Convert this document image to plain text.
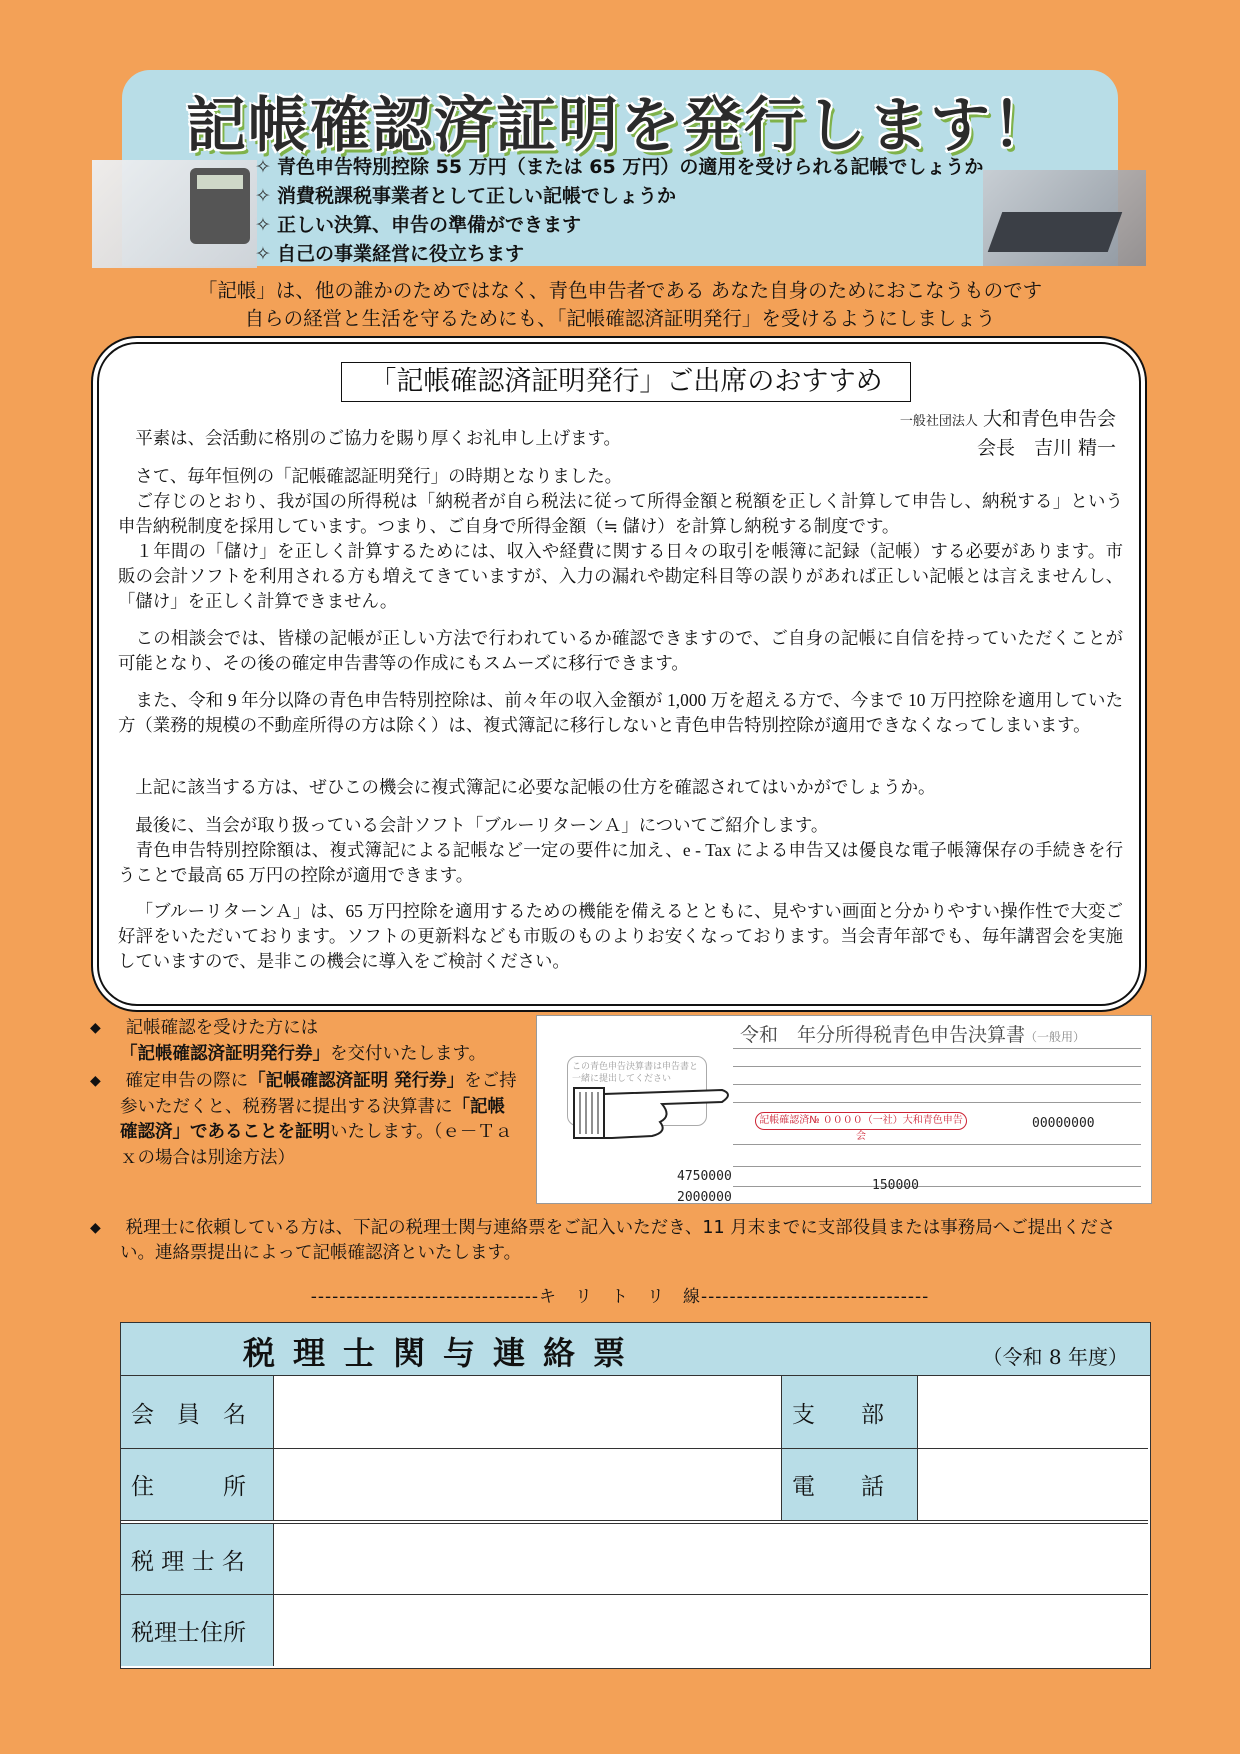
記帳確認済証明を発行します！
✧ 青色申告特別控除 55 万円（または 65 万円）の適用を受けられる記帳でしょうか
✧ 消費税課税事業者として正しい記帳でしょうか
✧ 正しい決算、申告の準備ができます
✧ 自己の事業経営に役立ちます
「記帳」は、他の誰かのためではなく、青色申告者である あなた自身のためにおこなうものです
自らの経営と生活を守るためにも、「記帳確認済証明発行」を受けるようにしましょう
「記帳確認済証明発行」ご出席のおすすめ
一般社団法人 大和青色申告会
会長　吉川 精一
 平素は、会活動に格別のご協力を賜り厚くお礼申し上げます。
 さて、毎年恒例の「記帳確認証明発行」の時期となりました。
 ご存じのとおり、我が国の所得税は「納税者が自ら税法に従って所得金額と税額を正しく計算して申告し、納税する」という申告納税制度を採用しています。つまり、ご自身で所得金額（≒ 儲け）を計算し納税する制度です。
 １年間の「儲け」を正しく計算するためには、収入や経費に関する日々の取引を帳簿に記録（記帳）する必要があります。市販の会計ソフトを利用される方も増えてきていますが、入力の漏れや勘定科目等の誤りがあれば正しい記帳とは言えませんし、「儲け」を正しく計算できません。
 この相談会では、皆様の記帳が正しい方法で行われているか確認できますので、ご自身の記帳に自信を持っていただくことが可能となり、その後の確定申告書等の作成にもスムーズに移行できます。
 また、令和 9 年分以降の青色申告特別控除は、前々年の収入金額が 1,000 万を超える方で、今まで 10 万円控除を適用していた方（業務的規模の不動産所得の方は除く）は、複式簿記に移行しないと青色申告特別控除が適用できなくなってしまいます。
 上記に該当する方は、ぜひこの機会に複式簿記に必要な記帳の仕方を確認されてはいかがでしょうか。
 最後に、当会が取り扱っている会計ソフト「ブルーリターンＡ」についてご紹介します。
 青色申告特別控除額は、複式簿記による記帳など一定の要件に加え、e - Tax による申告又は優良な電子帳簿保存の手続きを行うことで最高 65 万円の控除が適用できます。
 「ブルーリターンＡ」は、65 万円控除を適用するための機能を備えるとともに、見やすい画面と分かりやすい操作性で大変ご好評をいただいております。ソフトの更新料なども市販のものよりお安くなっております。当会青年部でも、毎年講習会を実施していますので、是非この機会に導入をご検討ください。
◆	記帳確認を受けた方には「記帳確認済証明発行券」を交付いたします。
◆	確定申告の際に「記帳確認済証明 発行券」をご持参いただくと、税務署に提出する決算書に「記帳確認済」であることを証明いたします。（ｅ－Ｔａｘの場合は別途方法）
令和　年分所得税青色申告決算書（一般用）
この青色申告決算書は申告書と一緒に提出してください
記帳確認済№ ００００（一社）大和青色申告会
00000000
4750000
150000
2000000
◆	税理士に依頼している方は、下記の税理士関与連絡票をご記入いただき、11 月末までに支部役員または事務局へご提出ください。連絡票提出によって記帳確認済といたします。
--------------------------------キ　リ　ト　リ　線--------------------------------
税理士関与連絡票	（令和 8 年度）
会　員　名	支　　部
住　　　所	電　　話
税 理 士 名
税理士住所
